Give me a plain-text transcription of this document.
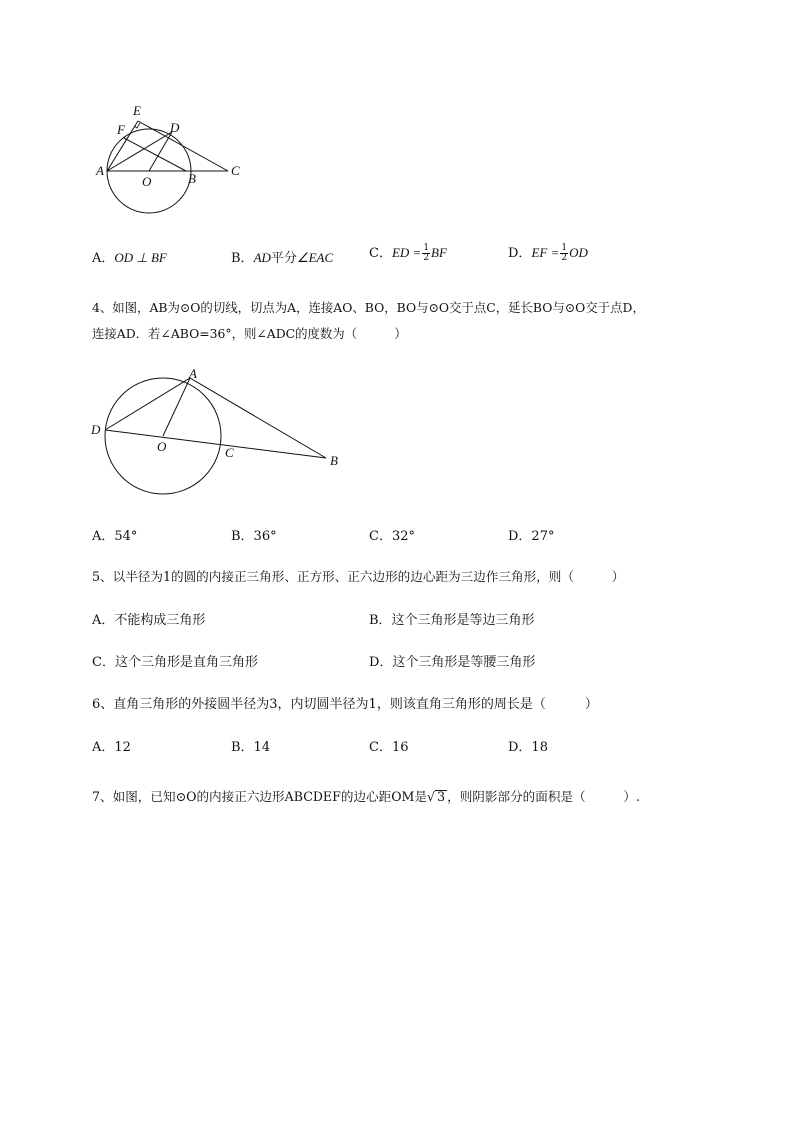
E
F	D
A
O	B
C
A．OD ⊥ BF	B．AD平分∠EAC	C．ED = $\frac{1}{2}$ BF	D．EF = $\frac{1}{2}$ OD
4、如图，AB为⊙O的切线，切点为A，连接AO、BO，BO与⊙O交于点C，延长BO与⊙O交于点D，
连接AD．若∠ABO=36°，则∠ADC的度数为（　　　）
A
D
O	C
B
A．54°	B．36°	C．32°	D．27°
5、以半径为1的圆的内接正三角形、正方形、正六边形的边心距为三边作三角形，则（　　　）
A．不能构成三角形	B．这个三角形是等边三角形
C．这个三角形是直角三角形	D．这个三角形是等腰三角形
6、直角三角形的外接圆半径为3，内切圆半径为1，则该直角三角形的周长是（　　　）
A．12	B．14	C．16	D．18
7、如图，已知⊙O的内接正六边形ABCDEF的边心距OM是√ 3 ，则阴影部分的面积是（　　　）.
